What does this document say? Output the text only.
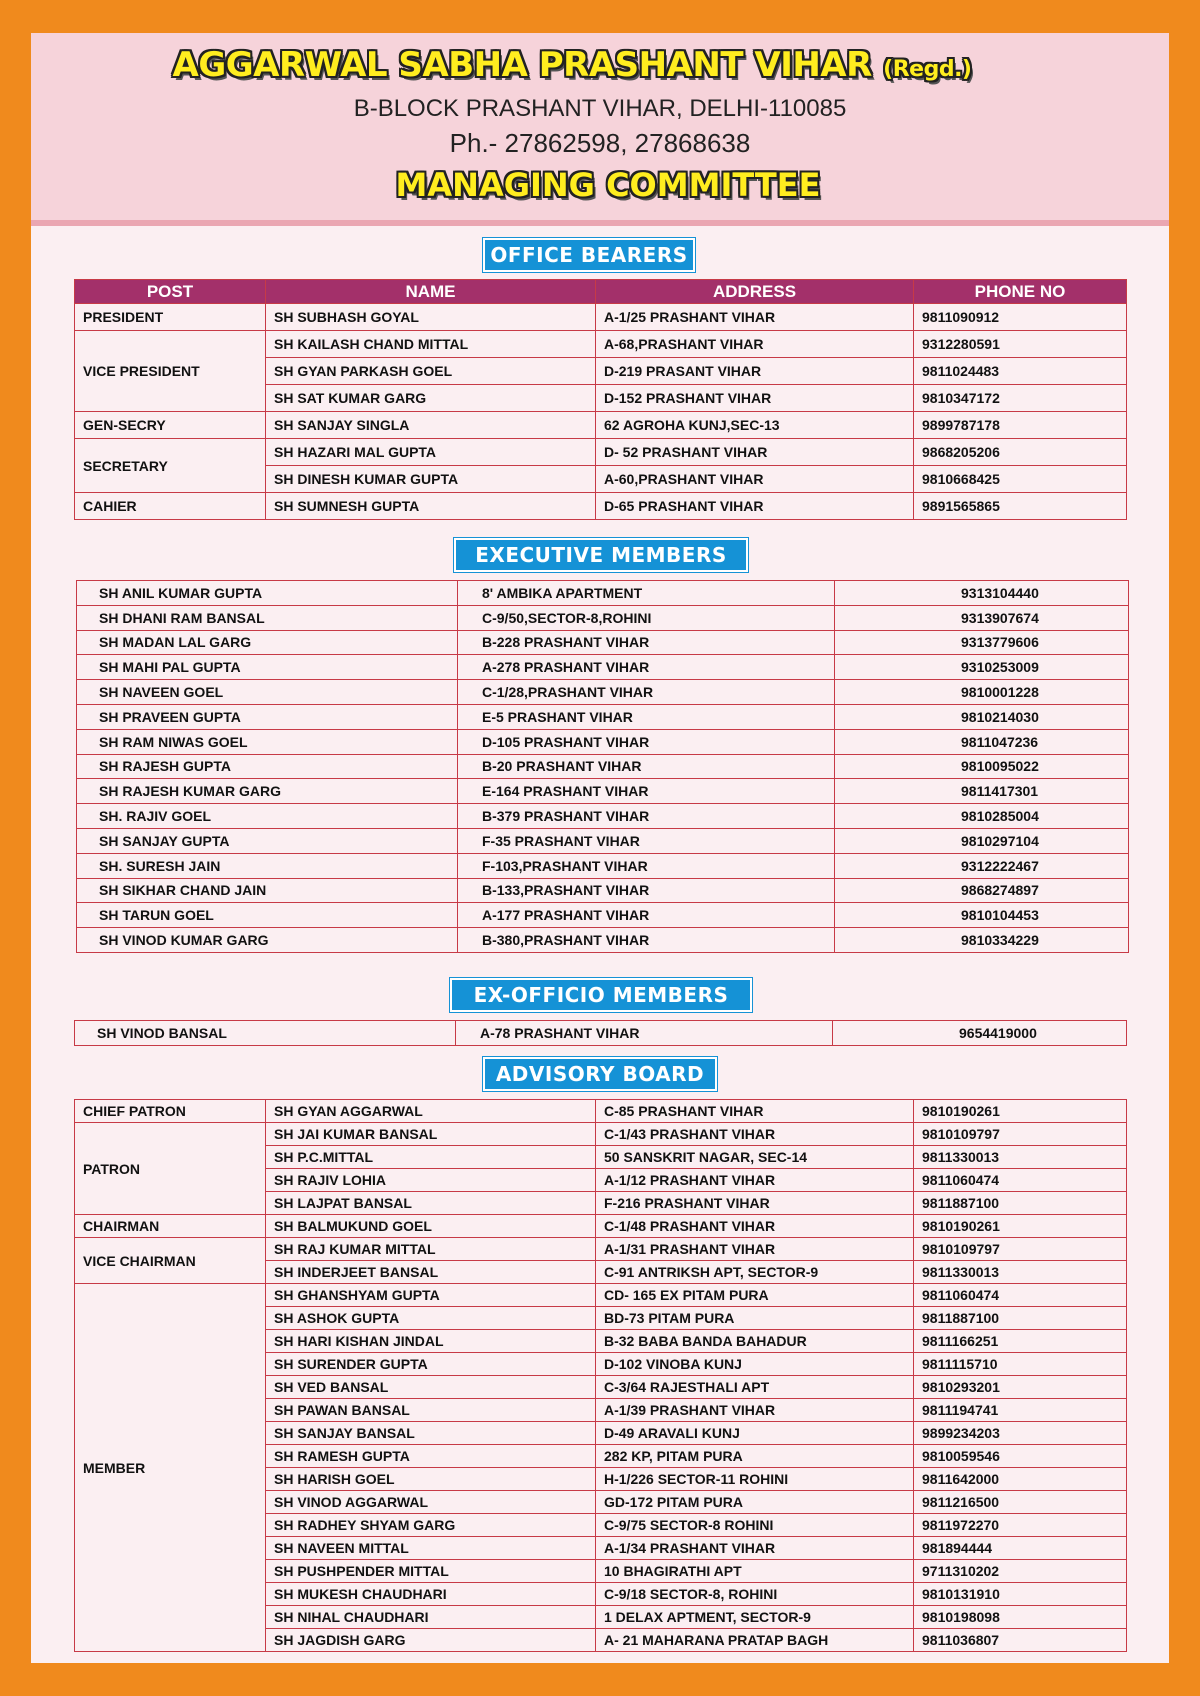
AGGARWAL SABHA PRASHANT VIHAR (Regd.)
B-BLOCK PRASHANT VIHAR, DELHI-110085
Ph.- 27862598, 27868638
MANAGING COMMITTEE
OFFICE BEARERS
POST	NAME	ADDRESS	PHONE NO
PRESIDENT	SH SUBHASH GOYAL	A-1/25 PRASHANT VIHAR	9811090912
VICE PRESIDENT	SH KAILASH CHAND MITTAL	A-68,PRASHANT VIHAR	9312280591
	SH GYAN PARKASH GOEL	D-219 PRASANT VIHAR	9811024483
	SH SAT KUMAR GARG	D-152 PRASHANT VIHAR	9810347172
GEN-SECRY	SH SANJAY SINGLA	62 AGROHA KUNJ,SEC-13	9899787178
SECRETARY	SH HAZARI MAL GUPTA	D- 52 PRASHANT VIHAR	9868205206
	SH DINESH KUMAR GUPTA	A-60,PRASHANT VIHAR	9810668425
CAHIER	SH SUMNESH GUPTA	D-65 PRASHANT VIHAR	9891565865
EXECUTIVE MEMBERS
SH ANIL KUMAR GUPTA	8' AMBIKA APARTMENT	9313104440
SH DHANI RAM BANSAL	C-9/50,SECTOR-8,ROHINI	9313907674
SH MADAN LAL GARG	B-228 PRASHANT VIHAR	9313779606
SH MAHI PAL GUPTA	A-278 PRASHANT VIHAR	9310253009
SH NAVEEN GOEL	C-1/28,PRASHANT VIHAR	9810001228
SH PRAVEEN GUPTA	E-5 PRASHANT VIHAR	9810214030
SH RAM NIWAS GOEL	D-105 PRASHANT VIHAR	9811047236
SH RAJESH GUPTA	B-20 PRASHANT VIHAR	9810095022
SH RAJESH KUMAR GARG	E-164 PRASHANT VIHAR	9811417301
SH. RAJIV GOEL	B-379 PRASHANT VIHAR	9810285004
SH SANJAY GUPTA	F-35 PRASHANT VIHAR	9810297104
SH. SURESH JAIN	F-103,PRASHANT VIHAR	9312222467
SH SIKHAR CHAND JAIN	B-133,PRASHANT VIHAR	9868274897
SH TARUN GOEL	A-177 PRASHANT VIHAR	9810104453
SH VINOD KUMAR GARG	B-380,PRASHANT VIHAR	9810334229
EX-OFFICIO MEMBERS
SH VINOD BANSAL	A-78 PRASHANT VIHAR	9654419000
ADVISORY BOARD
CHIEF PATRON	SH GYAN AGGARWAL	C-85 PRASHANT VIHAR	9810190261
PATRON	SH JAI KUMAR BANSAL	C-1/43 PRASHANT VIHAR	9810109797
	SH P.C.MITTAL	50 SANSKRIT NAGAR, SEC-14	9811330013
	SH RAJIV LOHIA	A-1/12 PRASHANT VIHAR	9811060474
	SH LAJPAT BANSAL	F-216 PRASHANT VIHAR	9811887100
CHAIRMAN	SH BALMUKUND GOEL	C-1/48 PRASHANT VIHAR	9810190261
VICE CHAIRMAN	SH RAJ KUMAR MITTAL	A-1/31 PRASHANT VIHAR	9810109797
	SH INDERJEET BANSAL	C-91 ANTRIKSH APT, SECTOR-9	9811330013
MEMBER	SH GHANSHYAM GUPTA	CD- 165 EX PITAM PURA	9811060474
	SH ASHOK GUPTA	BD-73 PITAM PURA	9811887100
	SH HARI KISHAN JINDAL	B-32 BABA BANDA BAHADUR	9811166251
	SH SURENDER GUPTA	D-102 VINOBA KUNJ	9811115710
	SH VED BANSAL	C-3/64 RAJESTHALI APT	9810293201
	SH PAWAN BANSAL	A-1/39 PRASHANT VIHAR	9811194741
	SH SANJAY BANSAL	D-49 ARAVALI KUNJ	9899234203
	SH RAMESH GUPTA	282 KP, PITAM PURA	9810059546
	SH HARISH GOEL	H-1/226 SECTOR-11 ROHINI	9811642000
	SH VINOD AGGARWAL	GD-172 PITAM PURA	9811216500
	SH RADHEY SHYAM GARG	C-9/75 SECTOR-8 ROHINI	9811972270
	SH NAVEEN MITTAL	A-1/34 PRASHANT VIHAR	981894444
	SH PUSHPENDER MITTAL	10 BHAGIRATHI APT	9711310202
	SH MUKESH CHAUDHARI	C-9/18 SECTOR-8, ROHINI	9810131910
	SH NIHAL CHAUDHARI	1 DELAX APTMENT, SECTOR-9	9810198098
	SH JAGDISH GARG	A- 21 MAHARANA PRATAP BAGH	9811036807
